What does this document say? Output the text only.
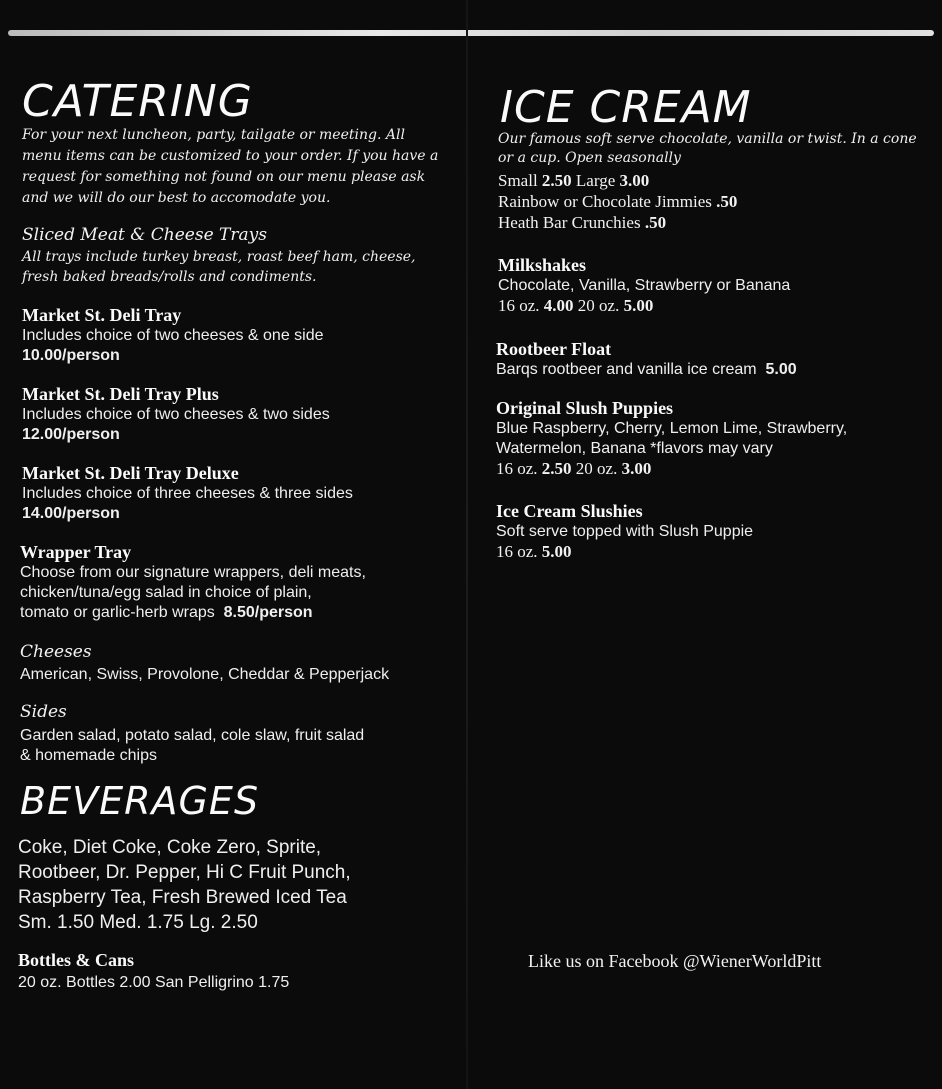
CATERING
For your next luncheon, party, tailgate or meeting. All
menu items can be customized to your order. If you have a
request for something not found on our menu please ask
and we will do our best to accomodate you.
Sliced Meat & Cheese Trays
All trays include turkey breast, roast beef ham, cheese,
fresh baked breads/rolls and condiments.
Market St. Deli Tray
Includes choice of two cheeses & one side
10.00/person
Market St. Deli Tray Plus
Includes choice of two cheeses & two sides
12.00/person
Market St. Deli Tray Deluxe
Includes choice of three cheeses & three sides
14.00/person
Wrapper Tray
Choose from our signature wrappers, deli meats,
chicken/tuna/egg salad in choice of plain,
tomato or garlic-herb wraps 8.50/person
Cheeses
American, Swiss, Provolone, Cheddar & Pepperjack
Sides
Garden salad, potato salad, cole slaw, fruit salad
& homemade chips
BEVERAGES
Coke, Diet Coke, Coke Zero, Sprite,
Rootbeer, Dr. Pepper, Hi C Fruit Punch,
Raspberry Tea, Fresh Brewed Iced Tea
Sm. 1.50 Med. 1.75 Lg. 2.50
Bottles & Cans
20 oz. Bottles 2.00 San Pelligrino 1.75
ICE CREAM
Our famous soft serve chocolate, vanilla or twist. In a cone
or a cup. Open seasonally
Small 2.50 Large 3.00
Rainbow or Chocolate Jimmies .50
Heath Bar Crunchies .50
Milkshakes
Chocolate, Vanilla, Strawberry or Banana
16 oz. 4.00 20 oz. 5.00
Rootbeer Float
Barqs rootbeer and vanilla ice cream 5.00
Original Slush Puppies
Blue Raspberry, Cherry, Lemon Lime, Strawberry,
Watermelon, Banana *flavors may vary
16 oz. 2.50 20 oz. 3.00
Ice Cream Slushies
Soft serve topped with Slush Puppie
16 oz. 5.00
Like us on Facebook @WienerWorldPitt
